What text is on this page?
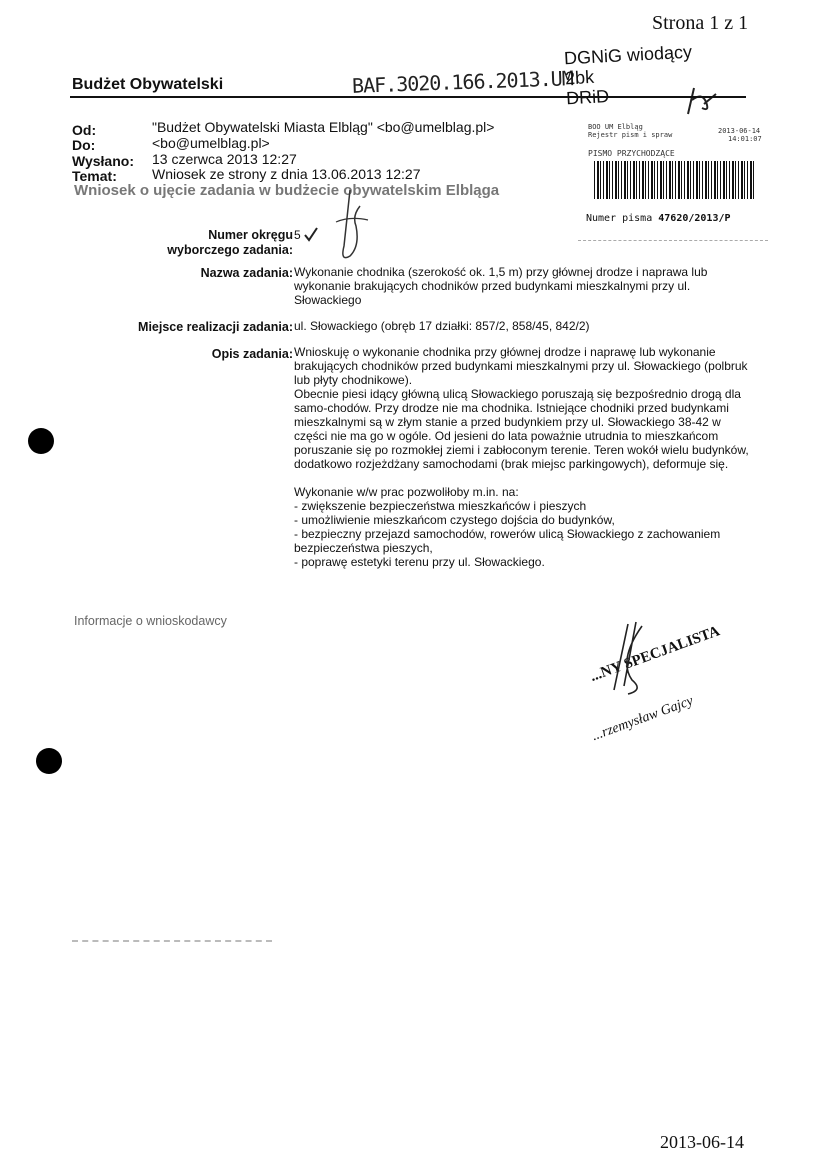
Strona 1 z 1
BAF.3020.166.2013.UM
DGNiG wiodący
2bk
DRiD
Budżet Obywatelski
Od:	"Budżet Obywatelski Miasta Elbląg" <bo@umelblag.pl>
Do:	<bo@umelblag.pl>
Wysłano: 13 czerwca 2013 12:27
Temat:	Wniosek ze strony z dnia 13.06.2013 12:27
BOO UM Elbląg
Rejestr pism i spraw	2013-06-14
14:01:07
PISMO PRZYCHODZĄCE
Numer pisma 47620/2013/P
Wniosek o ujęcie zadania w budżecie obywatelskim Elbląga
Numer okręgu wyborczego zadania:
5
Nazwa zadania: Wykonanie chodnika (szerokość ok. 1,5 m) przy głównej drodze i naprawa lub wykonanie brakujących chodników przed budynkami mieszkalnymi przy ul. Słowackiego
Miejsce realizacji zadania: ul. Słowackiego (obręb 17 działki: 857/2, 858/45, 842/2)
Opis zadania: Wnioskuję o wykonanie chodnika przy głównej drodze i naprawę lub wykonanie brakujących chodników przed budynkami mieszkalnymi przy ul. Słowackiego (polbruk lub płyty chodnikowe).
Obecnie piesi idący główną ulicą Słowackiego poruszają się bezpośrednio drogą dla samo-chodów. Przy drodze nie ma chodnika. Istniejące chodniki przed budynkami mieszkalnymi są w złym stanie a przed budynkiem przy ul. Słowackiego 38-42 w części nie ma go w ogóle. Od jesieni do lata poważnie utrudnia to mieszkańcom poruszanie się po rozmokłej ziemi i zabłoconym terenie. Teren wokół wielu budynków, dodatkowo rozjeżdżany samochodami (brak miejsc parkingowych), deformuje się.

Wykonanie w/w prac pozwoliłoby m.in. na:
- zwiększenie bezpieczeństwa mieszkańców i pieszych
- umożliwienie mieszkańcom czystego dojścia do budynków,
- bezpieczny przejazd samochodów, rowerów ulicą Słowackiego z zachowaniem bezpieczeństwa pieszych,
- poprawę estetyki terenu przy ul. Słowackiego.
Informacje o wnioskodawcy
...NY SPECJALISTA
...rzemysław Gajcy
2013-06-14
